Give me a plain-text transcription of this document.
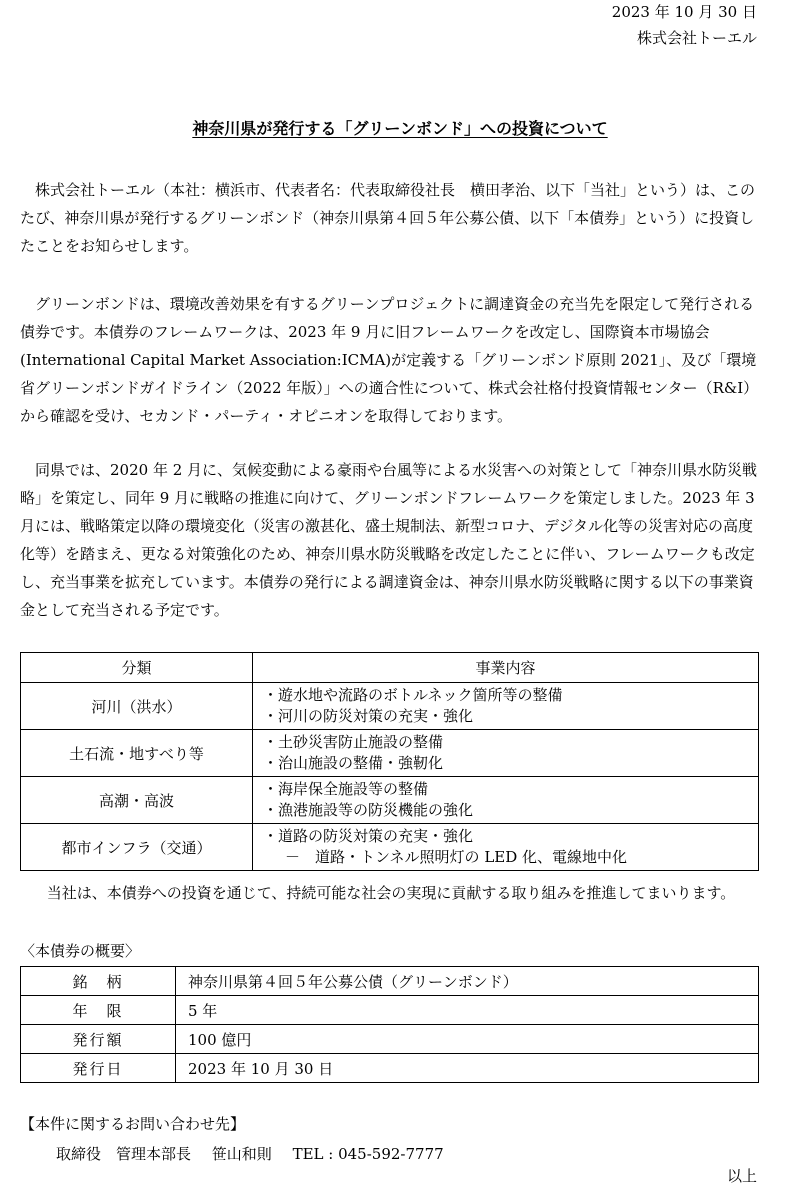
2023 年 10 月 30 日
株式会社トーエル
神奈川県が発行する「グリーンボンド」への投資について

株式会社トーエル（本社：横浜市、代表者名：代表取締役社長　横田孝治、以下「当社」という）は、このたび、神奈川県が発行するグリーンボンド（神奈川県第４回５年公募公債、以下「本債券」という）に投資したことをお知らせします。

グリーンボンドは、環境改善効果を有するグリーンプロジェクトに調達資金の充当先を限定して発行される債券です。本債券のフレームワークは、2023 年 9 月に旧フレームワークを改定し、国際資本市場協会(International Capital Market Association:ICMA)が定義する「グリーンボンド原則 2021」、及び「環境省グリーンボンドガイドライン（2022 年版）」への適合性について、株式会社格付投資情報センター（R&I）から確認を受け、セカンド・パーティ・オピニオンを取得しております。

同県では、2020 年 2 月に、気候変動による豪雨や台風等による水災害への対策として「神奈川県水防災戦略」を策定し、同年 9 月に戦略の推進に向けて、グリーンボンドフレームワークを策定しました。2023 年 3 月には、戦略策定以降の環境変化（災害の激甚化、盛土規制法、新型コロナ、デジタル化等の災害対応の高度化等）を踏まえ、更なる対策強化のため、神奈川県水防災戦略を改定したことに伴い、フレームワークも改定し、充当事業を拡充しています。本債券の発行による調達資金は、神奈川県水防災戦略に関する以下の事業資金として充当される予定です。

分類	事業内容
河川（洪水）	・遊水地や流路のボトルネック箇所等の整備
・河川の防災対策の充実・強化

土石流・地すべり等	・土砂災害防止施設の整備
・治山施設の整備・強靭化

高潮・高波	・海岸保全施設等の整備
・漁港施設等の防災機能の強化

都市インフラ（交通）	・道路の防災対策の充実・強化
－　道路・トンネル照明灯の LED 化、電線地中化
当社は、本債券への投資を通じて、持続可能な社会の実現に貢献する取り組みを推進してまいります。
〈本債券の概要〉
銘　柄	神奈川県第４回５年公募公債（グリーンボンド）
年　限	5 年
発行額	100 億円
発行日	2023 年 10 月 30 日
【本件に関するお問い合わせ先】
取締役　管理本部長 笹山和則 TEL : 045-592-7777
以上
